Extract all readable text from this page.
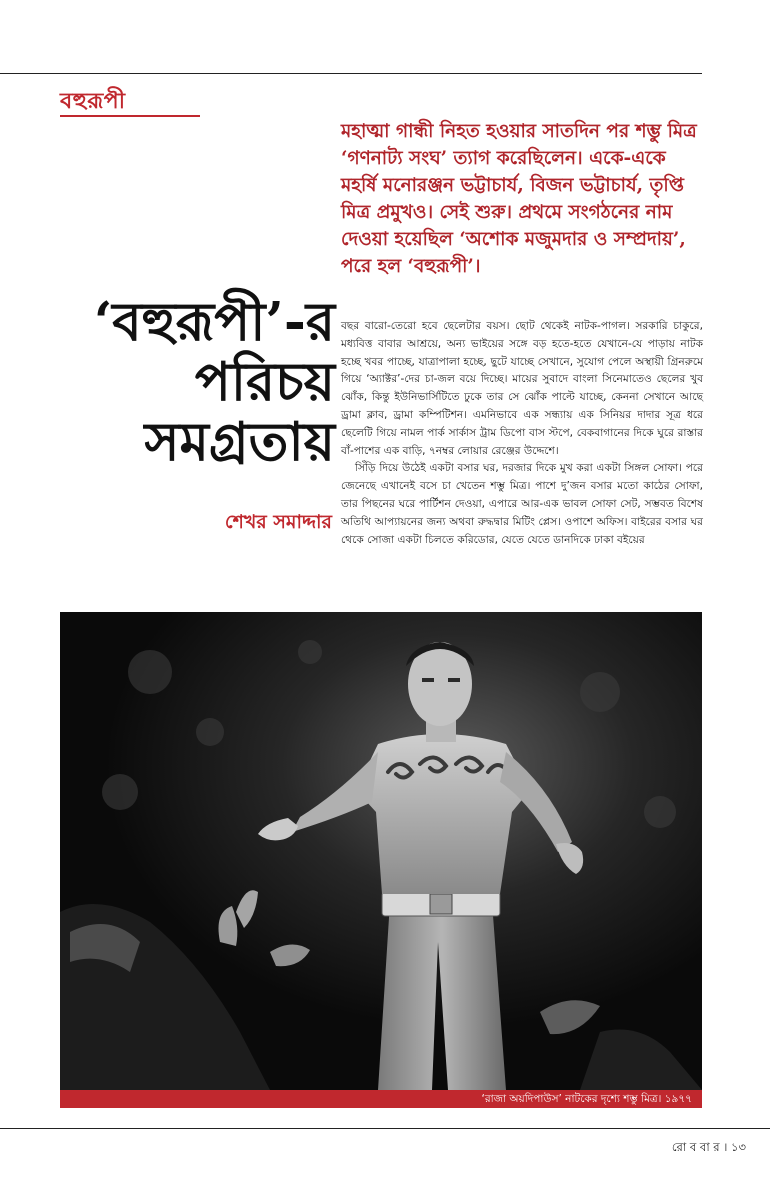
বহুরূপী

মহাত্মা গান্ধী নিহত হওয়ার সাতদিন পর শম্ভু মিত্র ‘গণনাট্য সংঘ’ ত্যাগ করেছিলেন। একে-একে মহর্ষি মনোরঞ্জন ভট্টাচার্য, বিজন ভট্টাচার্য, তৃপ্তি মিত্র প্রমুখও। সেই শুরু। প্রথমে সংগঠনের নাম দেওয়া হয়েছিল ‘অশোক মজুমদার ও সম্প্রদায়’, পরে হল ‘বহুরূপী’।

‘বহুরূপী’-র
পরিচয়
সমগ্রতায়
শেখর সমাদ্দার

বছর বারো-তেরো হবে ছেলেটার বয়স। ছোট থেকেই নাটক-পাগল। সরকারি চাকুরে, মধ্যবিত্ত বাবার আশ্রয়ে, অন্য ভাইয়ের সঙ্গে বড় হতে-হতে যেখানে-যে পাড়ায় নাটক হচ্ছে খবর পাচ্ছে, যাত্রাপালা হচ্ছে, ছুটে যাচ্ছে সেখানে, সুযোগ পেলে অস্থায়ী গ্রিনরুমে গিয়ে ‘অ্যাক্টর’-দের চা-জল বয়ে দিচ্ছে। মায়ের সুবাদে বাংলা সিনেমাতেও ছেলের খুব ঝোঁক, কিন্তু ইউনিভার্সিটিতে ঢুকে তার সে ঝোঁক পাল্টে যাচ্ছে, কেননা সেখানে আছে ড্রামা ক্লাব, ড্রামা কম্পিটিশন। এমনিভাবে এক সন্ধ্যায় এক সিনিয়র দাদার সূত্র ধরে ছেলেটি গিয়ে নামল পার্ক সার্কাস ট্রাম ডিপো বাস স্টপে, বেকবাগানের দিকে ঘুরে রাস্তার বাঁ-পাশের এক বাড়ি, ৭নম্বর লোয়ার রেঞ্জের উদ্দেশে।

সিঁড়ি দিয়ে উঠেই একটা বসার ঘর, দরজার দিকে মুখ করা একটা সিঙ্গল সোফা। পরে জেনেছে এখানেই বসে চা খেতেন শম্ভু মিত্র। পাশে দু’জন বসার মতো কাঠের সোফা, তার পিছনের ঘরে পার্টিশন দেওয়া, এপারে আর-এক ভাবল সোফা সেট, সম্ভবত বিশেষ অতিথি আপ্যায়নের জন্য অথবা রুদ্ধদ্বার মিটিং প্লেস। ওপাশে অফিস। বাইরের বসার ঘর থেকে সোজা একটা চিলতে করিডোর, যেতে যেতে ডানদিকে ঢাকা বইয়ের

‘রাজা অয়দিপাউস’ নাটকের দৃশ্যে শম্ভু মিত্র। ১৯৭৭
রো ব বা র । ১৩
